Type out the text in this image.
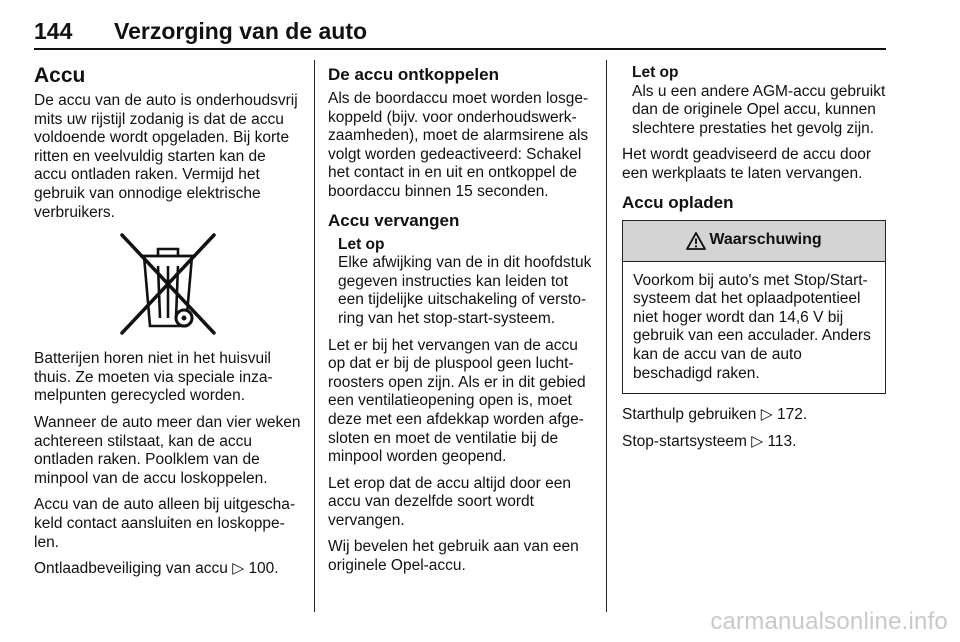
144 Verzorging van de auto
Accu

De accu van de auto is onderhoudsvrij mits uw rijstijl zodanig is dat de accu voldoende wordt opgeladen. Bij korte ritten en veelvuldig starten kan de accu ontladen raken. Vermijd het gebruik van onnodige elektrische verbruikers.

Batterijen horen niet in het huisvuil thuis. Ze moeten via speciale inzamelpunten gerecycled worden.

Wanneer de auto meer dan vier weken achtereen stilstaat, kan de accu ontladen raken. Poolklem van de minpool van de accu loskoppelen.

Accu van de auto alleen bij uitgeschakeld contact aansluiten en loskoppelen.

Ontlaadbeveiliging van accu ▷ 100.

De accu ontkoppelen

Als de boordaccu moet worden losgekoppeld (bijv. voor onderhoudswerkzaamheden), moet de alarmsirene als volgt worden gedeactiveerd: Schakel het contact in en uit en ontkoppel de boordaccu binnen 15 seconden.

Accu vervangen
Let op
Elke afwijking van de in dit hoofdstuk gegeven instructies kan leiden tot een tijdelijke uitschakeling of verstoring van het stop-start-systeem.

Let er bij het vervangen van de accu op dat er bij de pluspool geen luchtroosters open zijn. Als er in dit gebied een ventilatieopening open is, moet deze met een afdekkap worden afgesloten en moet de ventilatie bij de minpool worden geopend.

Let erop dat de accu altijd door een accu van dezelfde soort wordt vervangen.

Wij bevelen het gebruik aan van een originele Opel-accu.

Let op
Als u een andere AGM-accu gebruikt dan de originele Opel accu, kunnen slechtere prestaties het gevolg zijn.

Het wordt geadviseerd de accu door een werkplaats te laten vervangen.

Accu opladen
Waarschuwing
Voorkom bij auto's met Stop/Start-systeem dat het oplaadpotentieel niet hoger wordt dan 14,6 V bij gebruik van een acculader. Anders kan de accu van de auto beschadigd raken.

Starthulp gebruiken ▷ 172.

Stop-startsysteem ▷ 113.

carmanualsonline.info
